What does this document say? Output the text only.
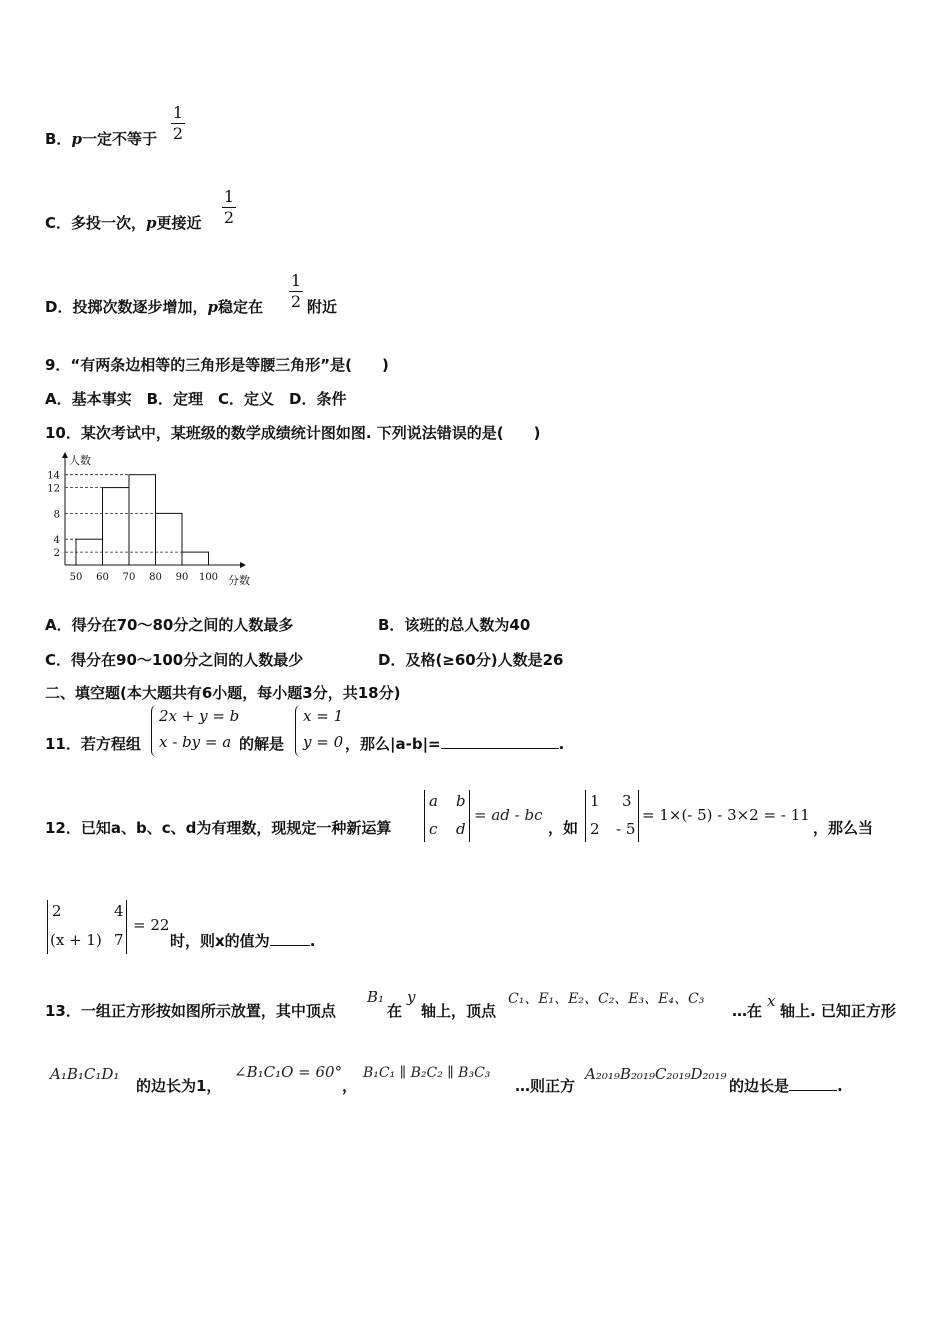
B．p一定不等于
1
2
C．多投一次，p更接近
1
2
D．投掷次数逐步增加，p稳定在
1
2 附近
9．“有两条边相等的三角形是等腰三角形”是(　　)
A．基本事实　B．定理　C．定义　D．条件
10．某次考试中，某班级的数学成绩统计图如图. 下列说法错误的是(　　)
2
4
8
12
14
50 60 70 80 90 100
人数
分数
A．得分在70～80分之间的人数最多	B．该班的总人数为40
C．得分在90～100分之间的人数最少	D．及格(≥60分)人数是26
二、填空题(本大题共有6小题，每小题3分，共18分)
11．若方程组
2x + y = b
x - by = a 的解是
x = 1
y = 0 ，那么|a-b|=	.
12．已知a、b、c、d为有理数，现规定一种新运算
a b
c d
= ad - bc
，如
1 3
2 - 5
= 1×(- 5) - 3×2 = - 11
，那么当
2	4
(x + 1) 7
= 22
时，则x的值为	.
13．一组正方形按如图所示放置，其中顶点
B₁
在
y
轴上，顶点
C₁、E₁、E₂、C₂、E₃、E₄、C₃
…在
x
轴上. 已知正方形
A₁B₁C₁D₁
的边长为1，
∠B₁C₁O = 60°
，
B₁C₁ ∥ B₂C₂ ∥ B₃C₃
…则正方
A₂₀₁₉B₂₀₁₉C₂₀₁₉D₂₀₁₉
的边长是	.
